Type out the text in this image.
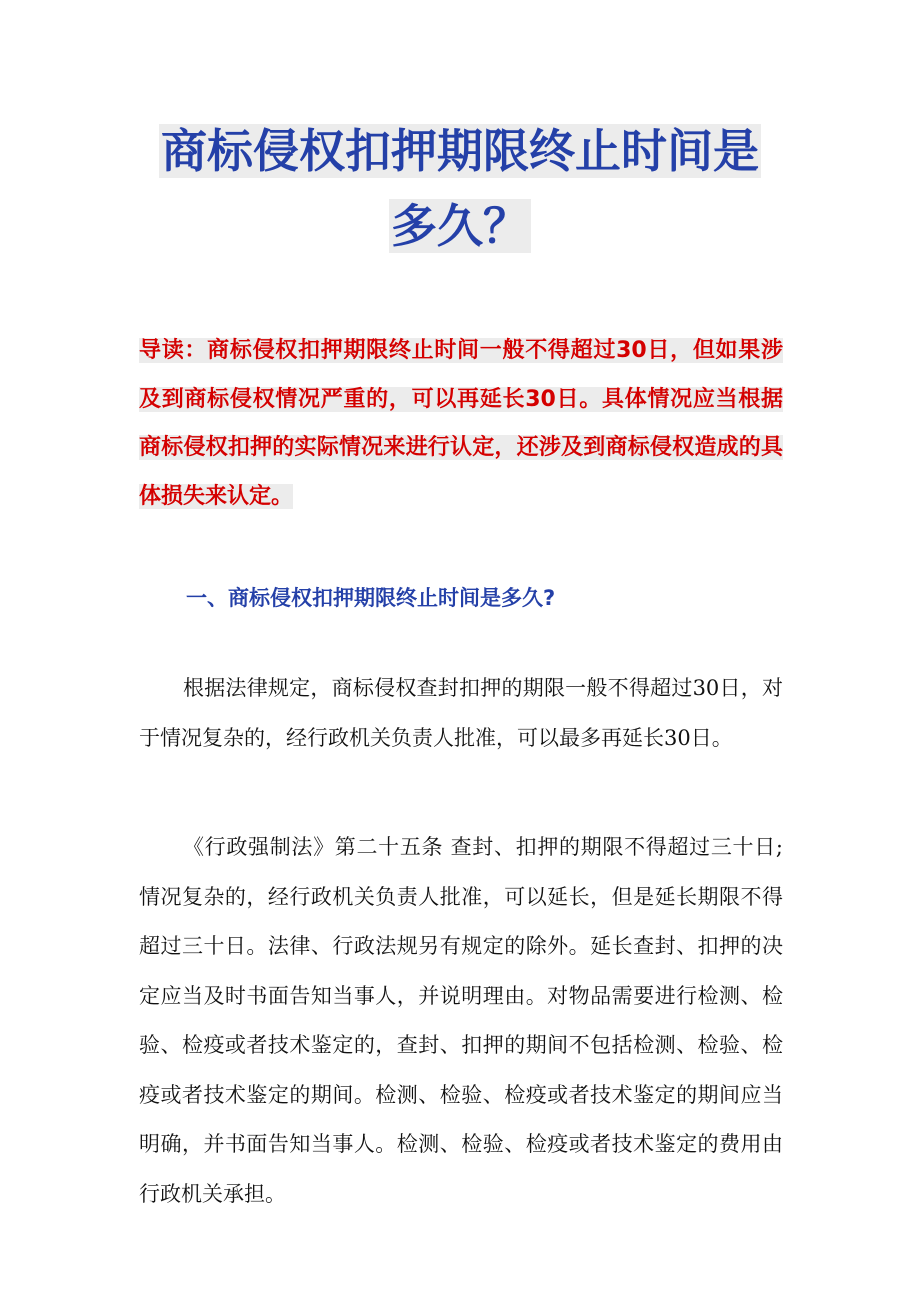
商标侵权扣押期限终止时间是
多久？
导读：商标侵权扣押期限终止时间一般不得超过30日，但如果涉及到商标侵权情况严重的，可以再延长30日。具体情况应当根据商标侵权扣押的实际情况来进行认定，还涉及到商标侵权造成的具体损失来认定。
一、商标侵权扣押期限终止时间是多久?

根据法律规定，商标侵权查封扣押的期限一般不得超过30日，对于情况复杂的，经行政机关负责人批准，可以最多再延长30日。

《行政强制法》第二十五条 查封、扣押的期限不得超过三十日;情况复杂的，经行政机关负责人批准，可以延长，但是延长期限不得超过三十日。法律、行政法规另有规定的除外。延长查封、扣押的决定应当及时书面告知当事人，并说明理由。对物品需要进行检测、检验、检疫或者技术鉴定的，查封、扣押的期间不包括检测、检验、检疫或者技术鉴定的期间。检测、检验、检疫或者技术鉴定的期间应当明确，并书面告知当事人。检测、检验、检疫或者技术鉴定的费用由行政机关承担。
